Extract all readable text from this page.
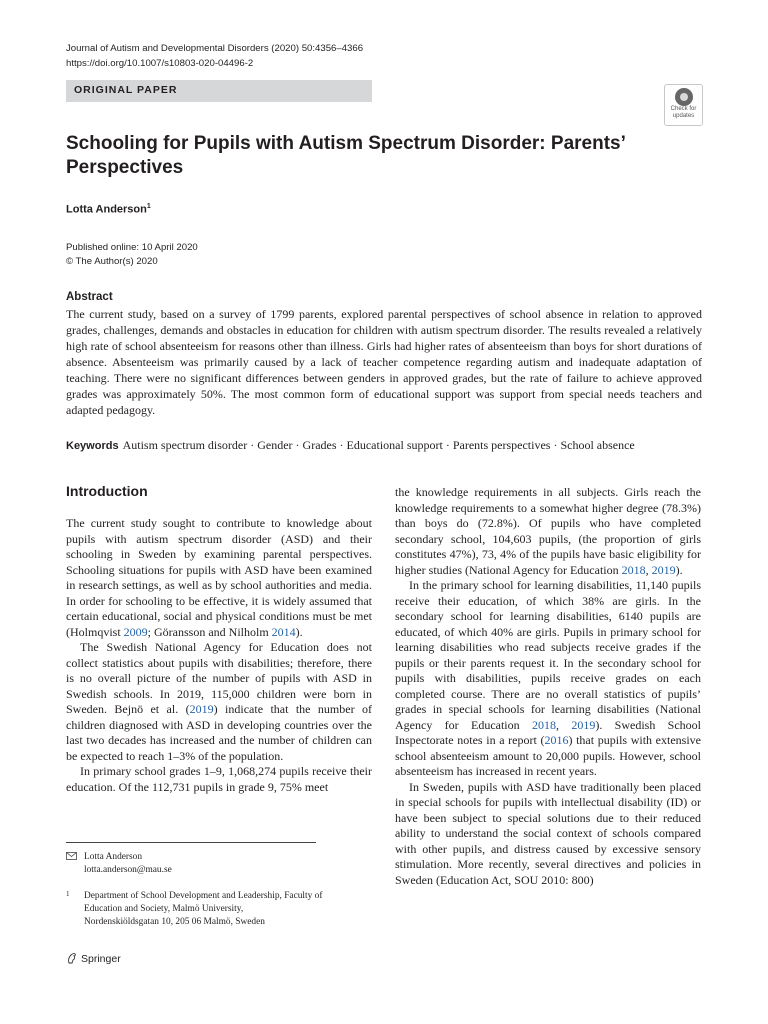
Journal of Autism and Developmental Disorders (2020) 50:4356–4366
https://doi.org/10.1007/s10803-020-04496-2
ORIGINAL PAPER
Check for
updates
Schooling for Pupils with Autism Spectrum Disorder: Parents’ Perspectives
Lotta Anderson$^1$
Published online: 10 April 2020
© The Author(s) 2020
Abstract
The current study, based on a survey of 1799 parents, explored parental perspectives of school absence in relation to approved grades, challenges, demands and obstacles in education for children with autism spectrum disorder. The results revealed a relatively high rate of school absenteeism for reasons other than illness. Girls had higher rates of absenteeism than boys for short durations of absence. Absenteeism was primarily caused by a lack of teacher competence regarding autism and inadequate adaptation of teaching. There were no significant differences between genders in approved grades, but the rate of failure to achieve approved grades was approximately 50%. The most common form of educational support was support from special needs teachers and adapted pedagogy.
Keywords Autism spectrum disorder · Gender · Grades · Educational support · Parents perspectives · School absence
Introduction

The current study sought to contribute to knowledge about pupils with autism spectrum disorder (ASD) and their schooling in Sweden by examining parental perspectives. Schooling situations for pupils with ASD have been examined in research settings, as well as by school authorities and media. In order for schooling to be effective, it is widely assumed that certain educational, social and physical conditions must be met (Holmqvist 2009; Göransson and Nilholm 2014).

The Swedish National Agency for Education does not collect statistics about pupils with disabilities; therefore, there is no overall picture of the number of pupils with ASD in Swedish schools. In 2019, 115,000 children were born in Sweden. Bejnö et al. (2019) indicate that the number of children diagnosed with ASD in developing countries over the last two decades has increased and the number of children can be expected to reach 1–3% of the population.

In primary school grades 1–9, 1,068,274 pupils receive their education. Of the 112,731 pupils in grade 9, 75% meet

the knowledge requirements in all subjects. Girls reach the knowledge requirements to a somewhat higher degree (78.3%) than boys do (72.8%). Of pupils who have completed secondary school, 104,603 pupils, (the proportion of girls constitutes 47%), 73, 4% of the pupils have basic eligibility for higher studies (National Agency for Education 2018, 2019).

In the primary school for learning disabilities, 11,140 pupils receive their education, of which 38% are girls. In the secondary school for learning disabilities, 6140 pupils are educated, of which 40% are girls. Pupils in primary school for learning disabilities who read subjects receive grades if the pupils or their parents request it. In the secondary school for pupils with disabilities, pupils receive grades on each completed course. There are no overall statistics of pupils’ grades in special schools for learning disabilities (National Agency for Education 2018, 2019). Swedish School Inspectorate notes in a report (2016) that pupils with extensive school absenteeism amount to 20,000 pupils. However, school absenteeism has increased in recent years.

In Sweden, pupils with ASD have traditionally been placed in special schools for pupils with intellectual disability (ID) or have been subject to special solutions due to their reduced ability to understand the social context of schools compared with other pupils, and distress caused by excessive sensory stimulation. More recently, several directives and policies in Sweden (Education Act, SOU 2010: 800)

Lotta Anderson
lotta.anderson@mau.se
1 Department of School Development and Leadership, Faculty of Education and Society, Malmö University,
Nordenskiöldsgatan 10, 205 06 Malmö, Sweden
Springer
